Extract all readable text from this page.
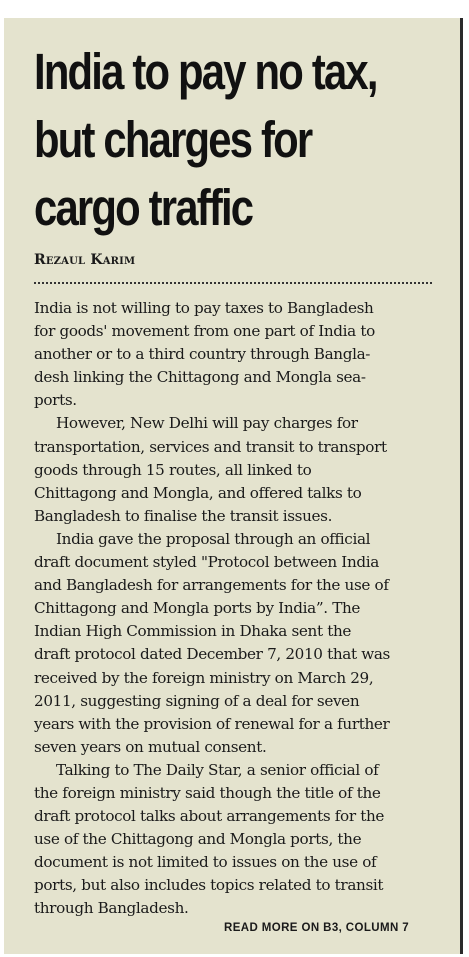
India to pay no tax,
but charges for
cargo traffic
Rezaul Karim

India is not willing to pay taxes to Bangladesh
for goods' movement from one part of India to
another or to a third country through Bangla-
desh linking the Chittagong and Mongla sea-
ports.

However, New Delhi will pay charges for
transportation, services and transit to transport
goods through 15 routes, all linked to
Chittagong and Mongla, and offered talks to
Bangladesh to finalise the transit issues.

India gave the proposal through an official
draft document styled "Protocol between India
and Bangladesh for arrangements for the use of
Chittagong and Mongla ports by India”. The
Indian High Commission in Dhaka sent the
draft protocol dated December 7, 2010 that was
received by the foreign ministry on March 29,
2011, suggesting signing of a deal for seven
years with the provision of renewal for a further
seven years on mutual consent.

Talking to The Daily Star, a senior official of
the foreign ministry said though the title of the
draft protocol talks about arrangements for the
use of the Chittagong and Mongla ports, the
document is not limited to issues on the use of
ports, but also includes topics related to transit
through Bangladesh.

READ MORE ON B3, COLUMN 7
